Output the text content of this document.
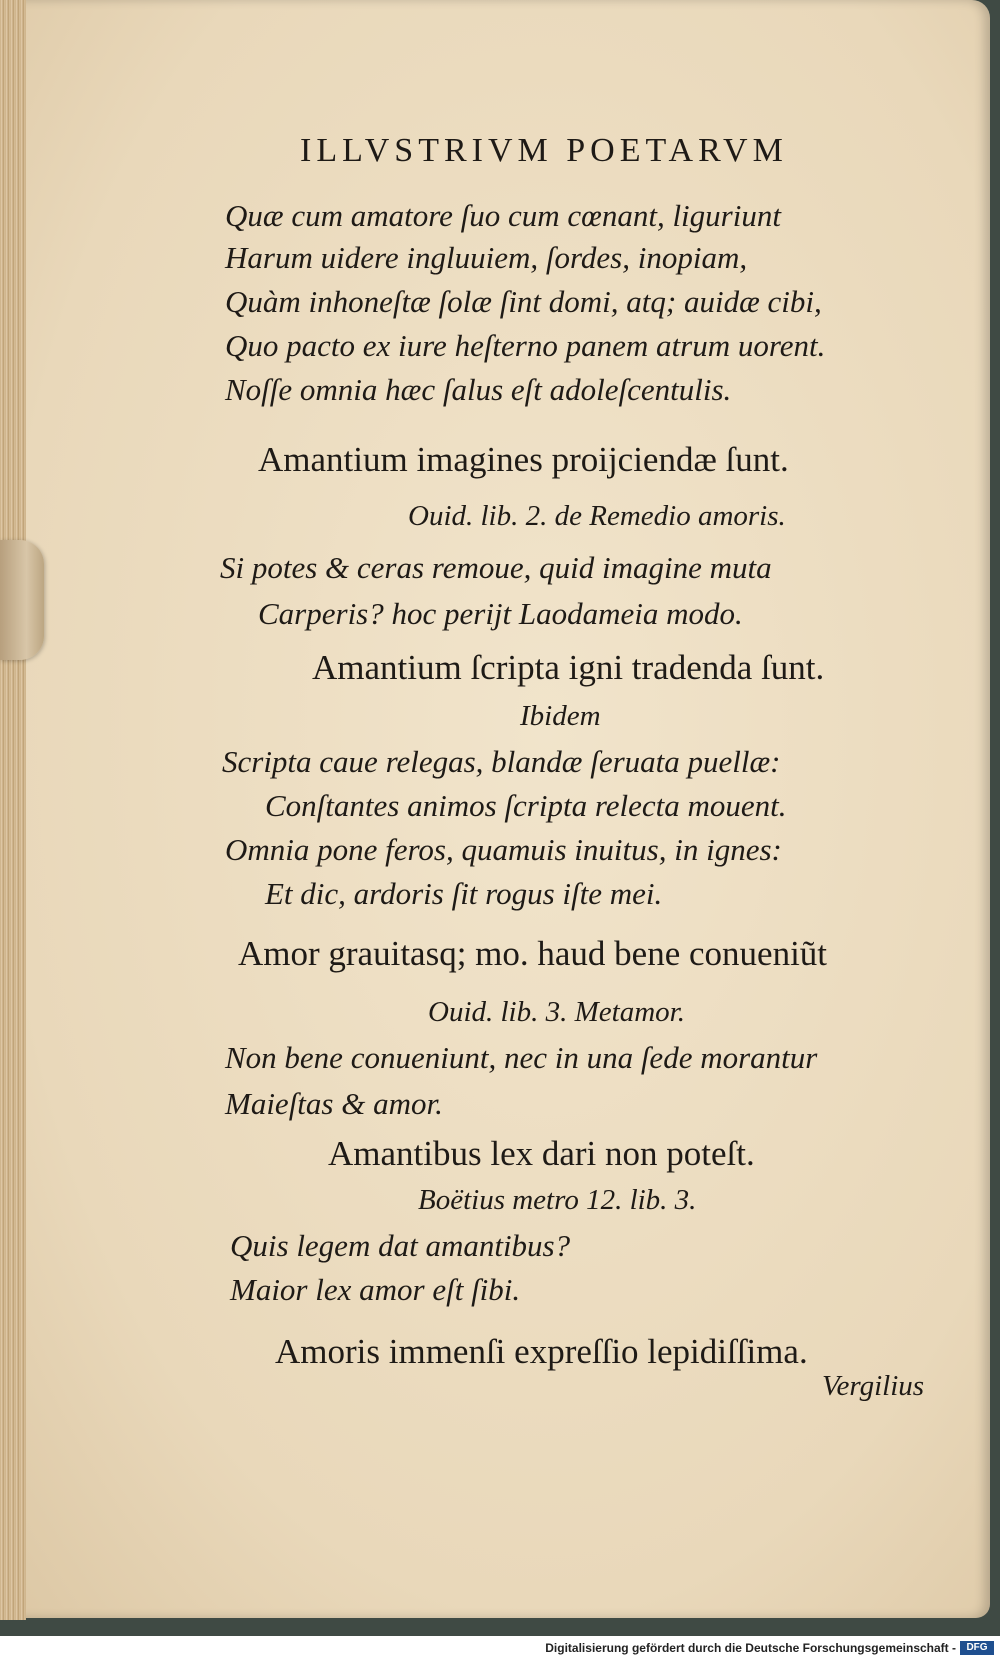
ILLVSTRIVM POETARVM
Quæ cum amatore ſuo cum cœnant, liguriunt
Harum uidere ingluuiem, ſordes, inopiam,
Quàm inhoneſtæ ſolæ ſint domi, atq; auidæ cibi,
Quo pacto ex iure heſterno panem atrum uorent.
Noſſe omnia hæc ſalus eſt adoleſcentulis.
Amantium imagines proijciendæ ſunt.
Ouid. lib. 2. de Remedio amoris.
Si potes & ceras remoue, quid imagine muta
Carperis? hoc perijt Laodameia modo.
Amantium ſcripta igni tradenda ſunt.
Ibidem
Scripta caue relegas, blandæ ſeruata puellæ:
Conſtantes animos ſcripta relecta mouent.
Omnia pone feros, quamuis inuitus, in ignes:
Et dic, ardoris ſit rogus iſte mei.
Amor grauitasq; mo. haud bene conueniũt
Ouid. lib. 3. Metamor.
Non bene conueniunt, nec in una ſede morantur
Maieſtas & amor.
Amantibus lex dari non poteſt.
Boëtius metro 12. lib. 3.
Quis legem dat amantibus?
Maior lex amor eſt ſibi.
Amoris immenſi expreſſio lepidiſſima.
Vergilius
Digitalisierung gefördert durch die Deutsche Forschungsgemeinschaft -	DFG
